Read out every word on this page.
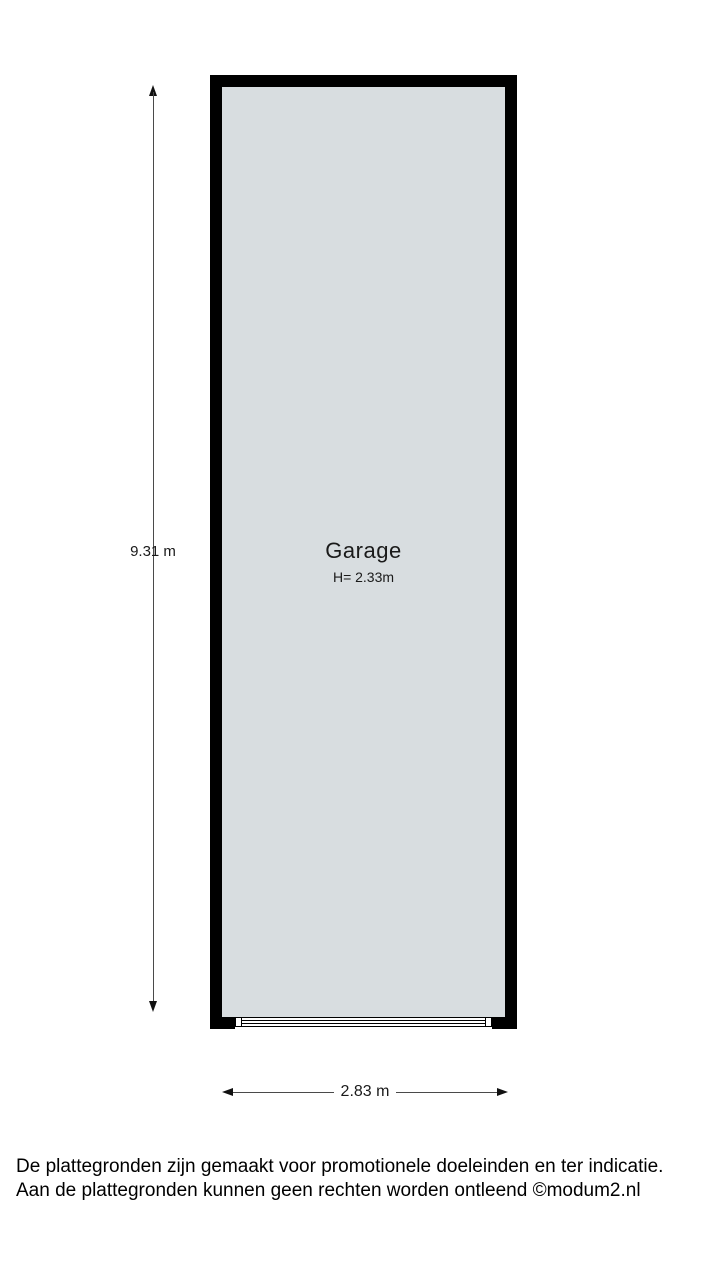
Garage
H= 2.33m
9.31 m
2.83 m
De plattegronden zijn gemaakt voor promotionele doeleinden en ter indicatie.
Aan de plattegronden kunnen geen rechten worden ontleend ©modum2.nl
